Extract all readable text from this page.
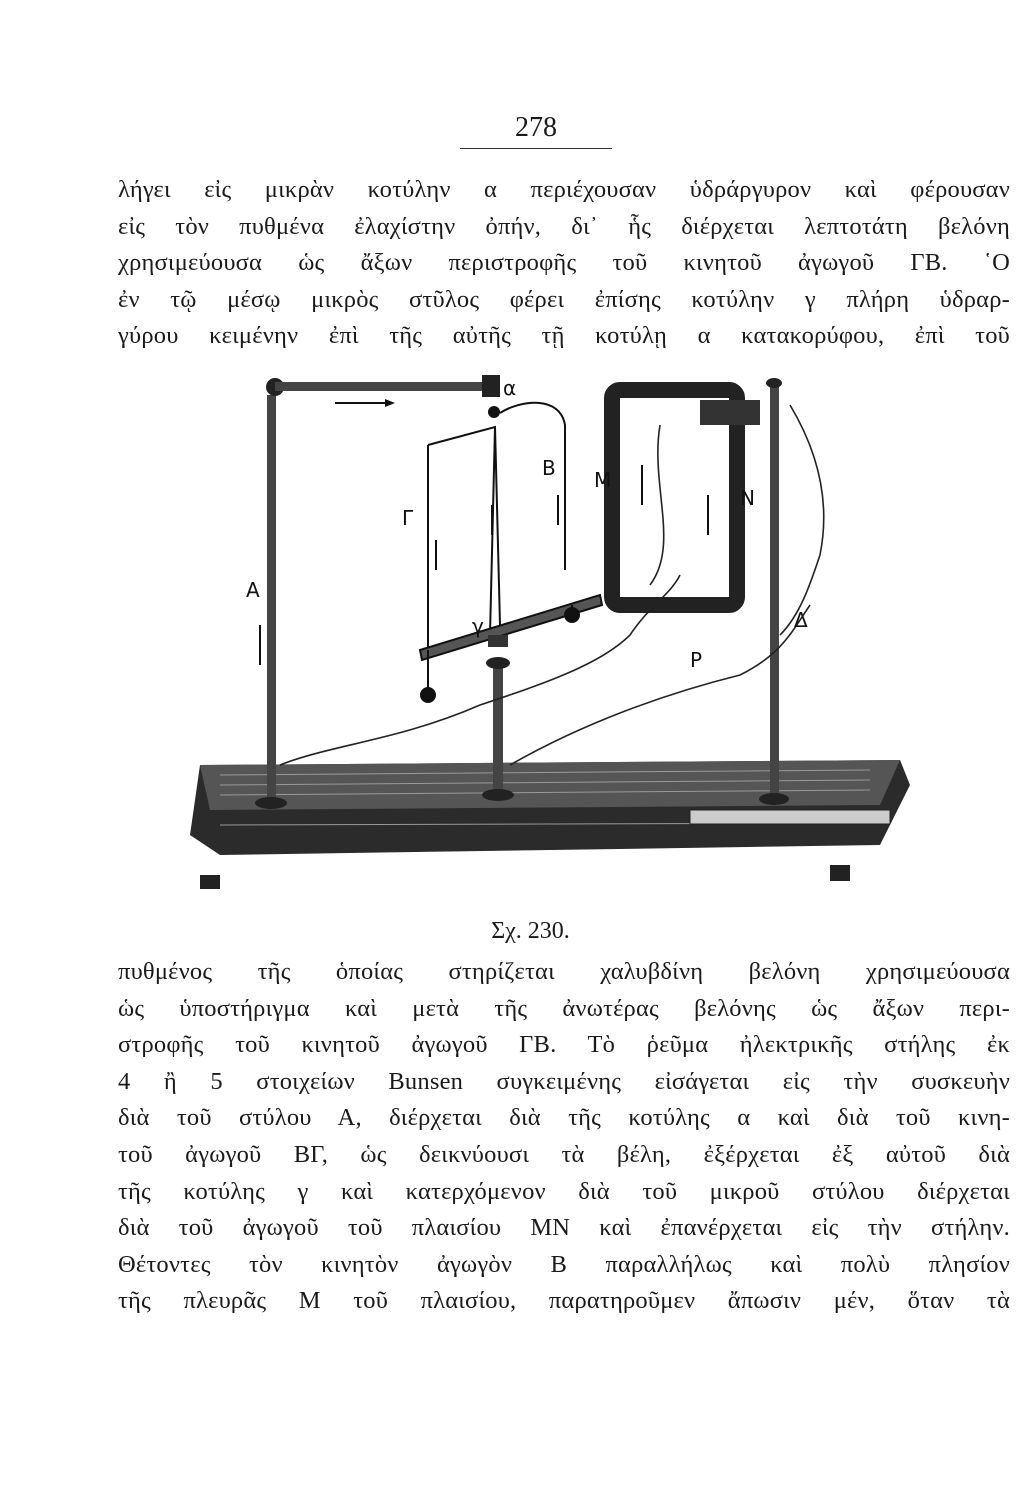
278
λήγει εἰς μικρὰν κοτύλην α περιέχουσαν ὑδράργυρον καὶ φέρουσαν
εἰς τὸν πυθμένα ἐλαχίστην ὀπήν, δι᾽ ἧς διέρχεται λεπτοτάτη βελόνη
χρησιμεύουσα ὡς ἄξων περιστροφῆς τοῦ κινητοῦ ἀγωγοῦ ΓΒ. ῾Ο
ἐν τῷ μέσῳ μικρὸς στῦλος φέρει ἐπίσης κοτύλην γ πλήρη ὑδραρ-
γύρου κειμένην ἐπὶ τῆς αὐτῆς τῇ κοτύλῃ α κατακορύφου, ἐπὶ τοῦ
α
B
Γ
M
N
A
Δ
γ
P
Σχ. 230.
πυθμένος τῆς ὁποίας στηρίζεται χαλυβδίνη βελόνη χρησιμεύουσα
ὡς ὑποστήριγμα καὶ μετὰ τῆς ἀνωτέρας βελόνης ὡς ἄξων περι-
στροφῆς τοῦ κινητοῦ ἀγωγοῦ ΓΒ. Τὸ ῥεῦμα ἠλεκτρικῆς στήλης ἐκ
4 ἢ 5 στοιχείων Bunsen συγκειμένης εἰσάγεται εἰς τὴν συσκευὴν
διὰ τοῦ στύλου Α, διέρχεται διὰ τῆς κοτύλης α καὶ διὰ τοῦ κινη-
τοῦ ἀγωγοῦ ΒΓ, ὡς δεικνύουσι τὰ βέλη, ἐξέρχεται ἐξ αὐτοῦ διὰ
τῆς κοτύλης γ καὶ κατερχόμενον διὰ τοῦ μικροῦ στύλου διέρχεται
διὰ τοῦ ἀγωγοῦ τοῦ πλαισίου ΜΝ καὶ ἐπανέρχεται εἰς τὴν στήλην.
Θέτοντες τὸν κινητὸν ἀγωγὸν Β παραλλήλως καὶ πολὺ πλησίον
τῆς πλευρᾶς Μ τοῦ πλαισίου, παρατηροῦμεν ἄπωσιν μέν, ὅταν τὰ
